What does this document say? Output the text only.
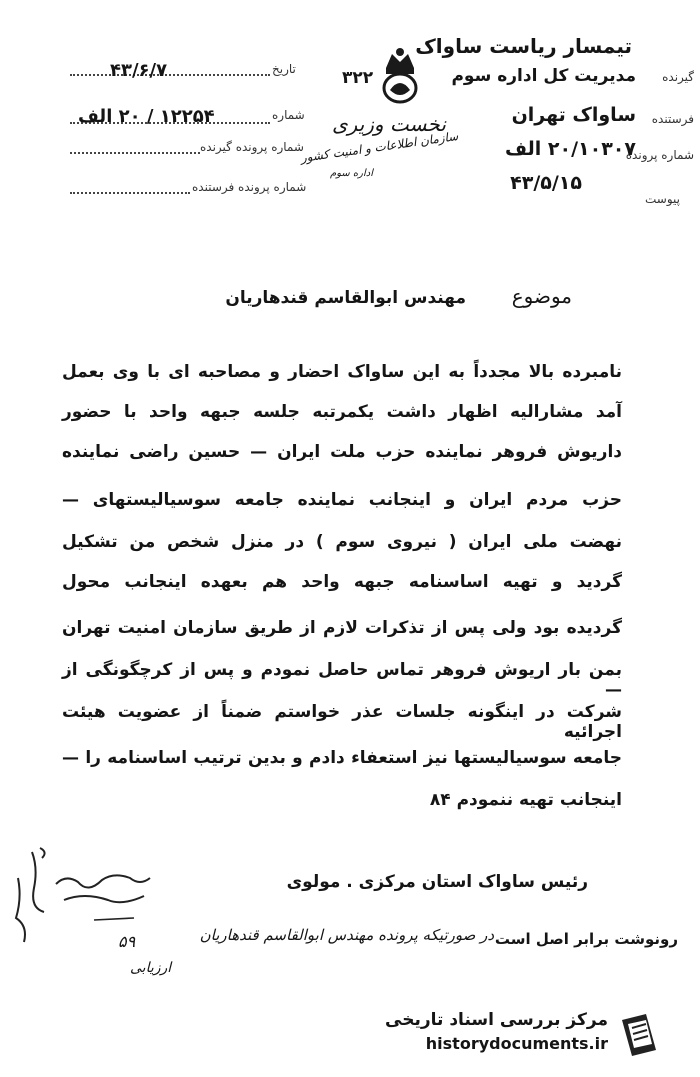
۴۳/۶/۷	تاریخ
۱۲۲۵۴ / ۲۰ الف	شماره
شماره پرونده گیرنده
شماره پرونده فرستنده
نخست وزیری
سازمان اطلاعات و امنیت کشور
اداره سوم
تیمسار ریاست ساواک
گیرنده
مدیریت کل اداره سوم
۳۲۲
فرستنده
ساواک تهران
شماره پرونده
۲۰/۱۰۳۰۷ الف
پیوست
۴۳/۵/۱۵
موضوع
مهندس ابوالقاسم قندهاریان
نامبرده بالا مجدداً به این ساواک احضار و مصاحبه ای با وی بعمل
آمد مشارالیه اظهار داشت یکمرتبه جلسه جبهه واحد با حضور
داریوش فروهر نماینده حزب ملت ایران — حسین راضی نماینده
حزب مردم ایران و اینجانب نماینده جامعه سوسیالیستهای —
نهضت ملی ایران ( نیروی سوم ) در منزل شخص من تشکیل
گردید و تهیه اساسنامه جبهه واحد هم بعهده اینجانب محول
گردیده بود ولی پس از تذکرات لازم از طریق سازمان امنیت تهران
بمن بار اریوش فروهر تماس حاصل نمودم و پس از کرچگونگی از —
شرکت در اینگونه جلسات عذر خواستم ضمناً از عضویت هیئت اجرائیه
جامعه سوسیالیستها نیز استعفاء دادم و بدین ترتیب اساسنامه را —
اینجانب تهیه ننمودم ۸۴
رئیس ساواک استان مرکزی . مولوی
رونوشت برابر اصل است
در صورتیکه پرونده مهندس ابوالقاسم قندهاریان
ارزیابی
۵۹
مرکز بررسی اسناد تاریخی
historydocuments.ir
